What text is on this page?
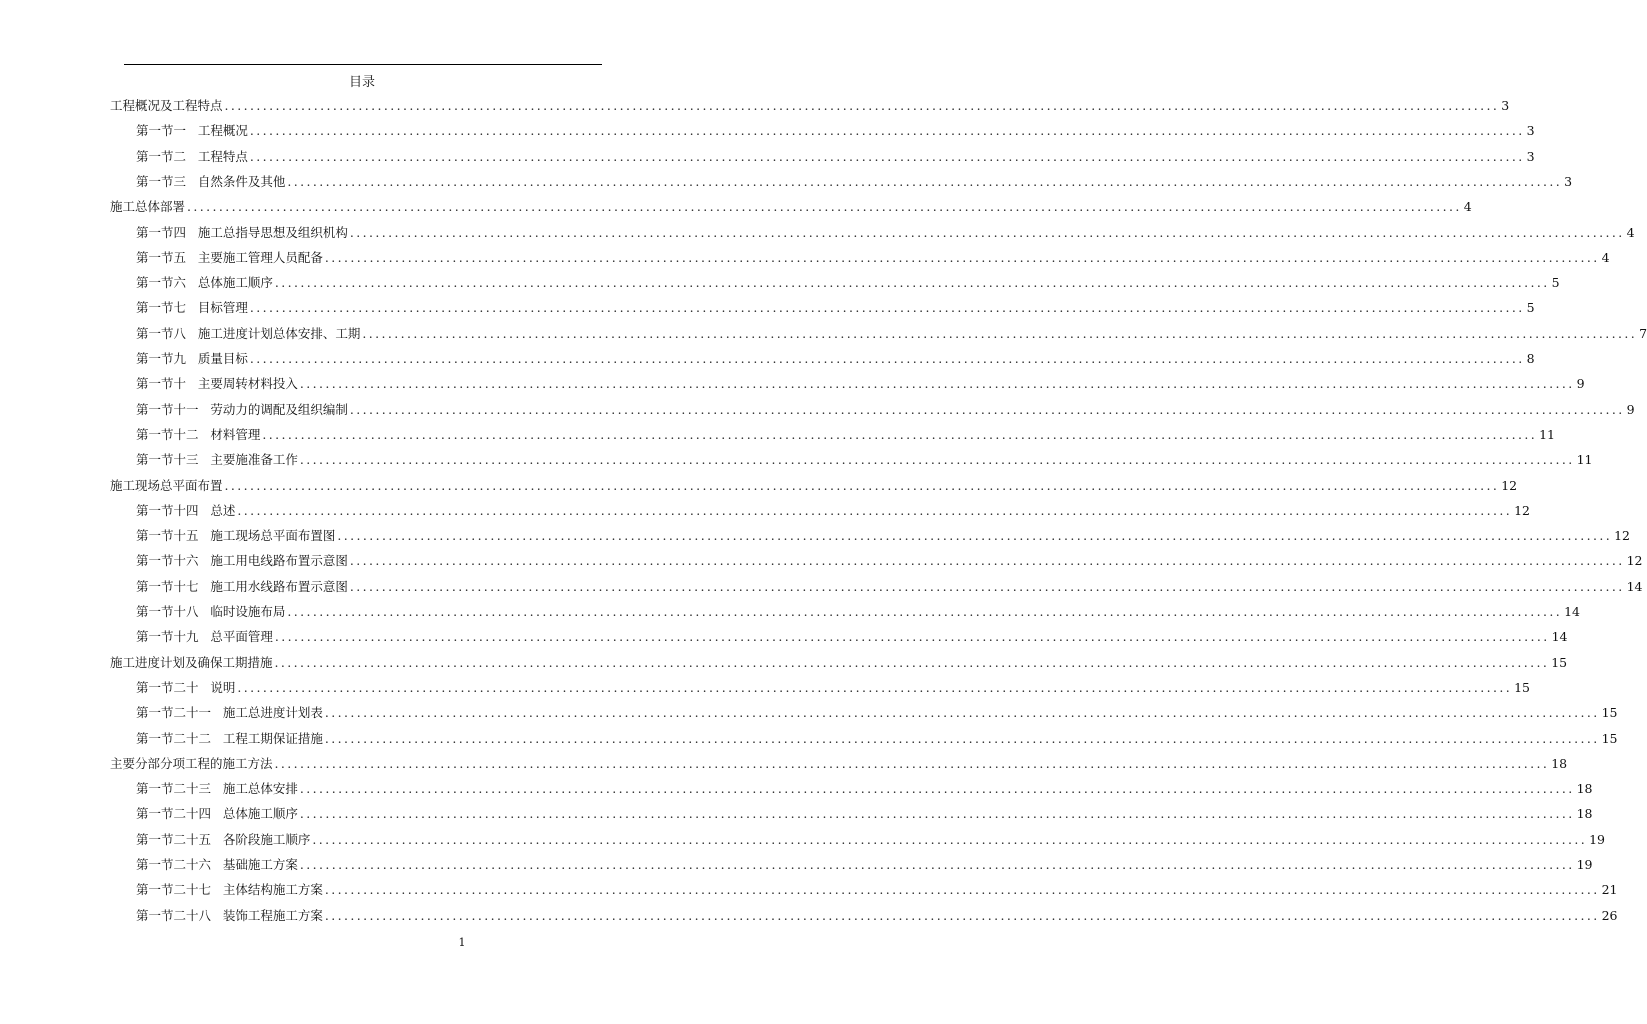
目录
工程概况及工程特点 ........................................................................................................................................................................................................ 3
第一节一   工程概况 ........................................................................................................................................................................................................ 3
第一节二   工程特点 ........................................................................................................................................................................................................ 3
第一节三   自然条件及其他 ........................................................................................................................................................................................................ 3
施工总体部署 ........................................................................................................................................................................................................ 4
第一节四   施工总指导思想及组织机构 ........................................................................................................................................................................................................ 4
第一节五   主要施工管理人员配备 ........................................................................................................................................................................................................ 4
第一节六   总体施工顺序 ........................................................................................................................................................................................................ 5
第一节七   目标管理 ........................................................................................................................................................................................................ 5
第一节八   施工进度计划总体安排、工期 ........................................................................................................................................................................................................ 7
第一节九   质量目标 ........................................................................................................................................................................................................ 8
第一节十   主要周转材料投入 ........................................................................................................................................................................................................ 9
第一节十一   劳动力的调配及组织编制 ........................................................................................................................................................................................................ 9
第一节十二   材料管理 ........................................................................................................................................................................................................ 11
第一节十三   主要施准备工作 ........................................................................................................................................................................................................ 11
施工现场总平面布置 ........................................................................................................................................................................................................ 12
第一节十四   总述 ........................................................................................................................................................................................................ 12
第一节十五   施工现场总平面布置图 ........................................................................................................................................................................................................ 12
第一节十六   施工用电线路布置示意图 ........................................................................................................................................................................................................ 12
第一节十七   施工用水线路布置示意图 ........................................................................................................................................................................................................ 14
第一节十八   临时设施布局 ........................................................................................................................................................................................................ 14
第一节十九   总平面管理 ........................................................................................................................................................................................................ 14
施工进度计划及确保工期措施 ........................................................................................................................................................................................................ 15
第一节二十   说明 ........................................................................................................................................................................................................ 15
第一节二十一   施工总进度计划表 ........................................................................................................................................................................................................ 15
第一节二十二   工程工期保证措施 ........................................................................................................................................................................................................ 15
主要分部分项工程的施工方法 ........................................................................................................................................................................................................ 18
第一节二十三   施工总体安排 ........................................................................................................................................................................................................ 18
第一节二十四   总体施工顺序 ........................................................................................................................................................................................................ 18
第一节二十五   各阶段施工顺序 ........................................................................................................................................................................................................ 19
第一节二十六   基础施工方案 ........................................................................................................................................................................................................ 19
第一节二十七   主体结构施工方案 ........................................................................................................................................................................................................ 21
第一节二十八   装饰工程施工方案 ........................................................................................................................................................................................................ 26
1
